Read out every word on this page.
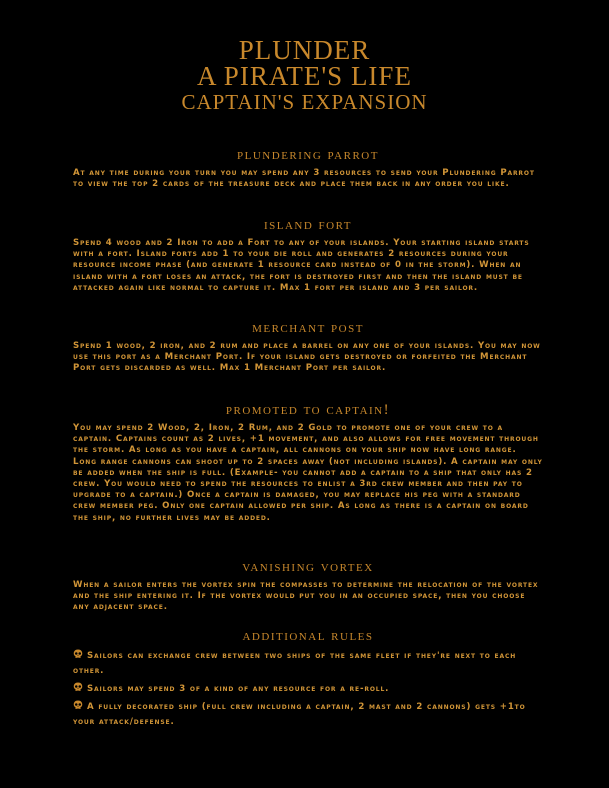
PLUNDER
A PIRATE'S LIFE
CAPTAIN'S EXPANSION
plundering parrot

At any time during your turn you may spend any 3 resources to send your Plundering Parrot to view the top 2 cards of the treasure deck and place them back in any order you like.

island fort

Spend 4 wood and 2 Iron to add a Fort to any of your islands. Your starting island starts with a fort. Island forts add 1 to your die roll and generates 2 resources during your resource income phase (and generate 1 resource card instead of 0 in the storm). When an island with a fort loses an attack, the fort is destroyed first and then the island must be attacked again like normal to capture it. Max 1 fort per island and 3 per sailor.

merchant post

Spend 1 wood, 2 iron, and 2 rum and place a barrel on any one of your islands. You may now use this port as a Merchant Port. If your island gets destroyed or forfeited the Merchant Port gets discarded as well. Max 1 Merchant Port per sailor.

promoted to captain!

You may spend 2 Wood, 2, Iron, 2 Rum, and 2 Gold to promote one of your crew to a captain. Captains count as 2 lives, +1 movement, and also allows for free movement through the storm. As long as you have a captain, all cannons on your ship now have long range. Long range cannons can shoot up to 2 spaces away (not including islands). A captain may only be added when the ship is full. (Example- you cannot add a captain to a ship that only has 2 crew. You would need to spend the resources to enlist a 3rd crew member and then pay to upgrade to a captain.) Once a captain is damaged, you may replace his peg with a standard crew member peg. Only one captain allowed per ship. As long as there is a captain on board the ship, no further lives may be added.

vanishing vortex

When a sailor enters the vortex spin the compasses to determine the relocation of the vortex and the ship entering it. If the vortex would put you in an occupied space, then you choose any adjacent space.

additional rules

Sailors can exchange crew between two ships of the same fleet if they're next to each other.

Sailors may spend 3 of a kind of any resource for a re-roll.

A fully decorated ship (full crew including a captain, 2 mast and 2 cannons) gets +1to your attack/defense.
